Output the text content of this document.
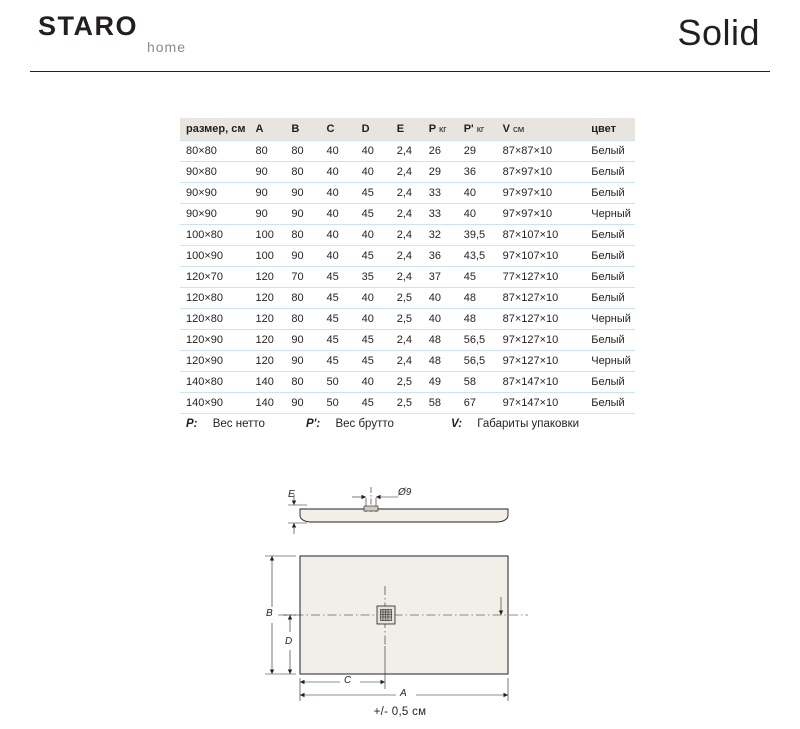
STARO
home	Solid
размер, см	A	B	C	D	E	P кг	P' кг	V см	цвет
80×80	80	80	40	40	2,4	26	29	87×87×10	Белый
90×80	90	80	40	40	2,4	29	36	87×97×10	Белый
90×90	90	90	40	45	2,4	33	40	97×97×10	Белый
90×90	90	90	40	45	2,4	33	40	97×97×10	Черный
100×80	100	80	40	40	2,4	32	39,5	87×107×10	Белый
100×90	100	90	40	45	2,4	36	43,5	97×107×10	Белый
120×70	120	70	45	35	2,4	37	45	77×127×10	Белый
120×80	120	80	45	40	2,5	40	48	87×127×10	Белый
120×80	120	80	45	40	2,5	40	48	87×127×10	Черный
120×90	120	90	45	45	2,4	48	56,5	97×127×10	Белый
120×90	120	90	45	45	2,4	48	56,5	97×127×10	Черный
140×80	140	80	50	40	2,5	49	58	87×147×10	Белый
140×90	140	90	50	45	2,5	58	67	97×147×10	Белый
P: Вес нетто	P': Вес брутто	V: Габариты упаковки
E	Ø9
B
D
C
A
+/- 0,5 см
